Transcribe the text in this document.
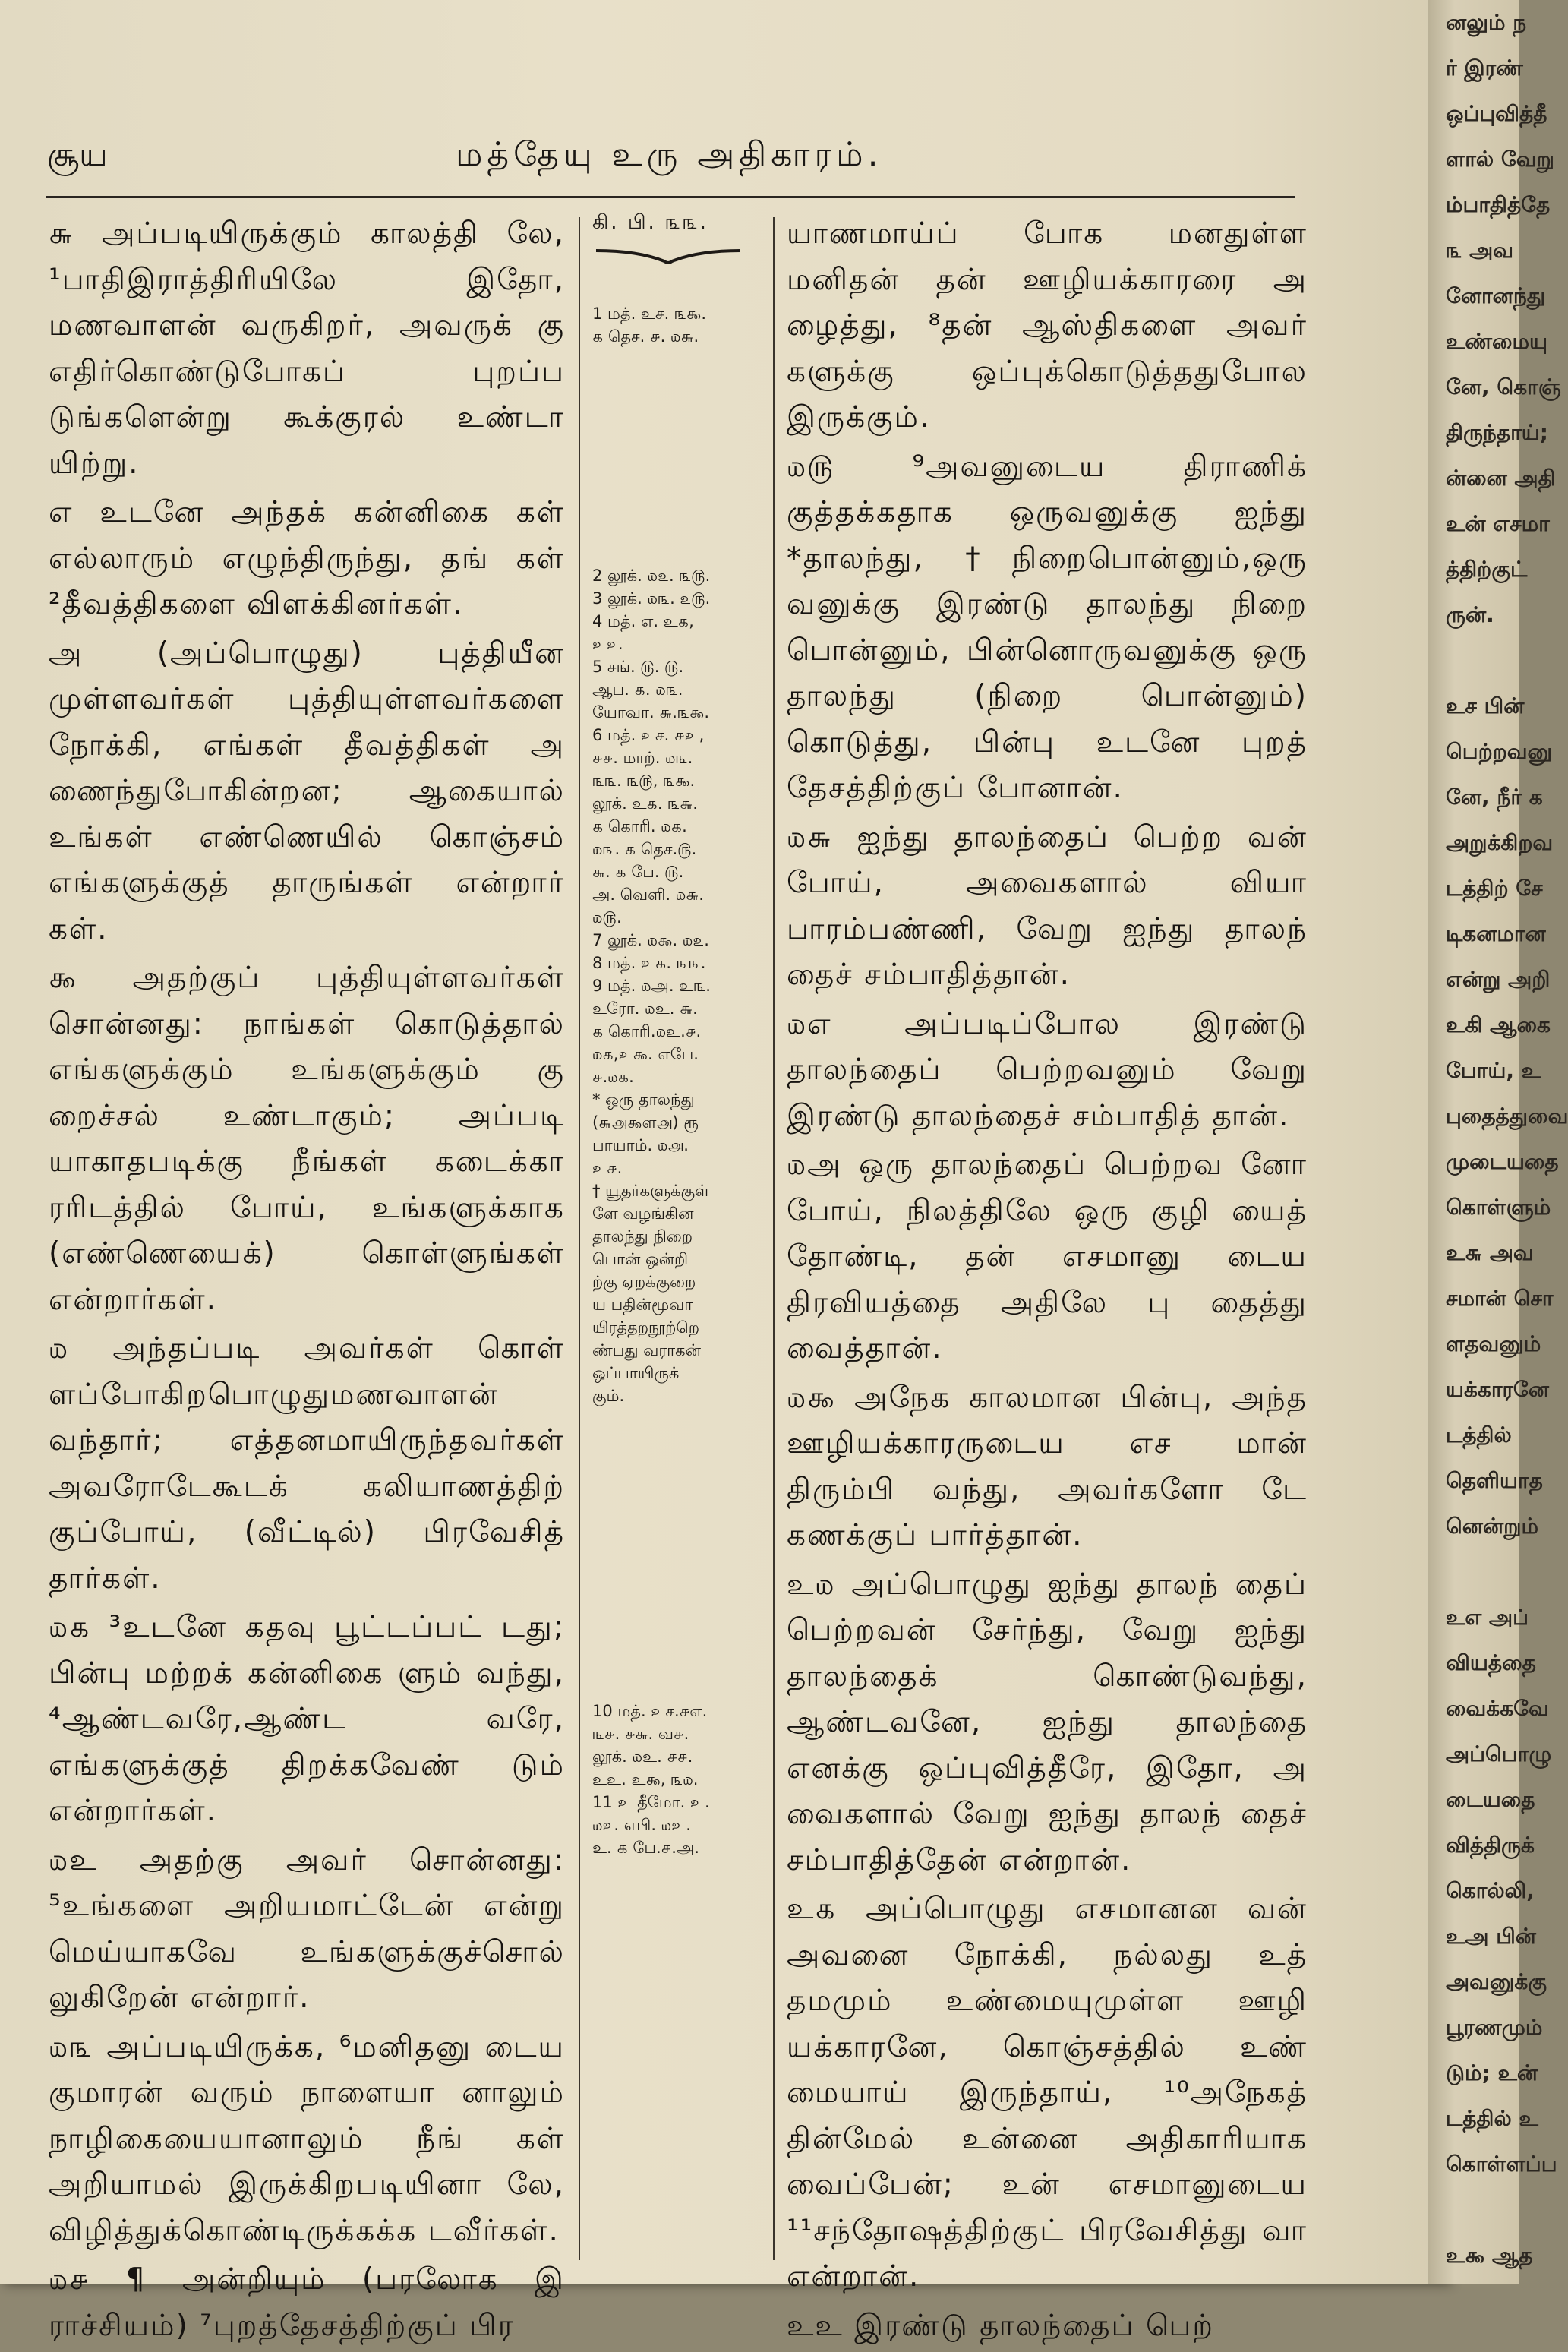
சூய	மத்தேயு உரு அதிகாரம்.

௬ அப்படியிருக்கும் காலத்தி லே, ¹பாதிஇராத்திரியிலே இதோ, மணவாளன் வருகிறர், அவருக் கு எதிர்கொண்டுபோகப் புறப்ப டுங்களென்று கூக்குரல் உண்டா யிற்று.

எ உடனே அந்தக் கன்னிகை கள் எல்லாரும் எழுந்திருந்து, தங் கள் ²தீவத்திகளை விளக்கினர்கள்.

அ (அப்பொழுது) புத்தியீன முள்ளவர்கள் புத்தியுள்ளவர்களை நோக்கி, எங்கள் தீவத்திகள் அ ணைந்துபோகின்றன; ஆகையால் உங்கள் எண்ணெயில் கொஞ்சம் எங்களுக்குத் தாருங்கள் என்றார் கள்.

௯ அதற்குப் புத்தியுள்ளவர்கள் சொன்னது: நாங்கள் கொடுத்தால் எங்களுக்கும் உங்களுக்கும் கு றைச்சல் உண்டாகும்; அப்படி யாகாதபடிக்கு நீங்கள் கடைக்கா ரரிடத்தில் போய், உங்களுக்காக (எண்ணெயைக்) கொள்ளுங்கள் என்றார்கள்.

௰ அந்தப்படி அவர்கள் கொள் ளப்போகிறபொழுதுமணவாளன் வந்தார்; எத்தனமாயிருந்தவர்கள் அவரோடேகூடக் கலியாணத்திற் குப்போய், (வீட்டில்) பிரவேசித் தார்கள்.

௰௧ ³உடனே கதவு பூட்டப்பட் டது; பின்பு மற்றக் கன்னிகை ளும் வந்து, ⁴ஆண்டவரே,ஆண்ட வரே, எங்களுக்குத் திறக்கவேண் டும் என்றார்கள்.

௰உ அதற்கு அவர் சொன்னது: ⁵உங்களை அறியமாட்டேன் என்று மெய்யாகவே உங்களுக்குச்சொல் லுகிறேன் என்றார்.

௰௩ அப்படியிருக்க, ⁶மனிதனு டைய குமாரன் வரும் நாளையா னாலும் நாழிகையையானாலும் நீங் கள் அறியாமல் இருக்கிறபடியினா லே, விழித்துக்கொண்டிருக்கக்க டவீர்கள்.

௰௪ ¶ அன்றியும் (பரலோக இ ராச்சியம்) ⁷புறத்தேசத்திற்குப் பிர

கி. பி. ௩௩.

1 மத். உச. ௩௯.

௧ தெச. ௪. ௰௬.

2 லூக். ௰௨. ௩௫.

3 லூக். ௰௩. ௨௫.

4 மத். எ. உ௧,

உ௨.

5 சங். ௫. ௫.

ஆப. ௧. ௰௩.

யோவா. ௬.௩௯.

6 மத். உச. ௪உ,

௪௪. மாற். ௰௩.

௩௩. ௩௫, ௩௯.

லூக். உ௧. ௩௬.

௧ கொரி. ௰௧.

௰௩. ௧ தெச.௫.

௬. ௧ பே. ௫.

அ. வெளி. ௰௬.

௰௫.

7 லூக். ௰௯. ௰௨.

8 மத். உ௧. ௩௩.

9 மத். ௰அ. உ௩.

உரோ. ௰உ. ௬.

௧ கொரி.௰உ.௪.

௰௧,உ௯. எபே.

௪.௰௧.

* ஒரு தாலந்து

(௬௮௯ள௮) ரூ

பாயாம். ௰௮.

உ௪.

† யூதர்களுக்குள்

ளே வழங்கின

தாலந்து நிறை

பொன் ஒன்றி

ற்கு ஏறக்குறை

ய பதின்மூவா

யிரத்தறநூற்றெ

ண்பது வராகன்

ஒப்பாயிருக்

கும்.

10 மத். உச.௪எ.

௩௪. ௪௬. வ௪.

லூக். ௰உ. ௪௪.

உஉ. உ௯, ௩௰.

11 உ தீமோ. உ.

௰௨. எபி. ௰உ.

உ. ௧ பே.௪.அ.

யாணமாய்ப் போக மனதுள்ள மனிதன் தன் ஊழியக்காரரை அ ழைத்து, ⁸தன் ஆஸ்திகளை அவர் களுக்கு ஒப்புக்கொடுத்ததுபோல இருக்கும்.

௰௫ ⁹அவனுடைய திராணிக் குத்தக்கதாக ஒருவனுக்கு ஐந்து *தாலந்து, †நிறைபொன்னும்,ஒரு வனுக்கு இரண்டு தாலந்து நிறை பொன்னும், பின்னொருவனுக்கு ஒரு தாலந்து (நிறை பொன்னும்) கொடுத்து, பின்பு உடனே புறத் தேசத்திற்குப் போனான்.

௰௬ ஐந்து தாலந்தைப் பெற்ற வன் போய், அவைகளால் வியா பாரம்பண்ணி, வேறு ஐந்து தாலந் தைச் சம்பாதித்தான்.

௰எ அப்படிப்போல இரண்டு தாலந்தைப் பெற்றவனும் வேறு இரண்டு தாலந்தைச் சம்பாதித் தான்.

௰அ ஒரு தாலந்தைப் பெற்றவ னோ போய், நிலத்திலே ஒரு குழி யைத் தோண்டி, தன் எசமானு டைய திரவியத்தை அதிலே பு தைத்து வைத்தான்.

௰௯ அநேக காலமான பின்பு, அந்த ஊழியக்காரருடைய எச மான் திரும்பி வந்து, அவர்களோ டே கணக்குப் பார்த்தான்.

உ௰ அப்பொழுது ஐந்து தாலந் தைப் பெற்றவன் சேர்ந்து, வேறு ஐந்து தாலந்தைக் கொண்டுவந்து, ஆண்டவனே, ஐந்து தாலந்தை எனக்கு ஒப்புவித்தீரே, இதோ, அ வைகளால் வேறு ஐந்து தாலந் தைச் சம்பாதித்தேன் என்றான்.

உ௧ அப்பொழுது எசமானன வன் அவனை நோக்கி, நல்லது உத் தமமும் உண்மையுமுள்ள ஊழி யக்காரனே, கொஞ்சத்தில் உண் மையாய் இருந்தாய், ¹⁰அநேகத் தின்மேல் உன்னை அதிகாரியாக வைப்பேன்; உன் எசமானுடைய ¹¹சந்தோஷத்திற்குட் பிரவேசித்து வா என்றான்.

உஉ இரண்டு தாலந்தைப் பெற்

னலும் ந
ர் இரண்
ஒப்புவித்தீ
ளால் வேறு
ம்பாதித்தே
௩ அவ
னோனந்து
உண்மையு
னே, கொஞ்
திருந்தாய்;
ன்னை அதி
உன் எசமா
த்திற்குட்
ருன்.
உச பின்
பெற்றவனு
னே, நீர் க
அறுக்கிறவ
டத்திற் சே
டிகனமான
என்று அறி
உகி ஆகை
போய், உ
புதைத்துவை
முடையதை
கொள்ளும்
உ௬ அவ
சமான் சொ
ளதவனும்
யக்காரனே
டத்தில்
தெளியாத
னென்றும்
உஎ அப்
வியத்தை
வைக்கவே
அப்பொழு
டையதை
வித்திருக்
கொல்லி,
உஅ பின்
அவனுக்கு
பூரணமும்
டும்; உன்
டத்தில் உ
கொள்ளப்ப
உ௯ ஆத
